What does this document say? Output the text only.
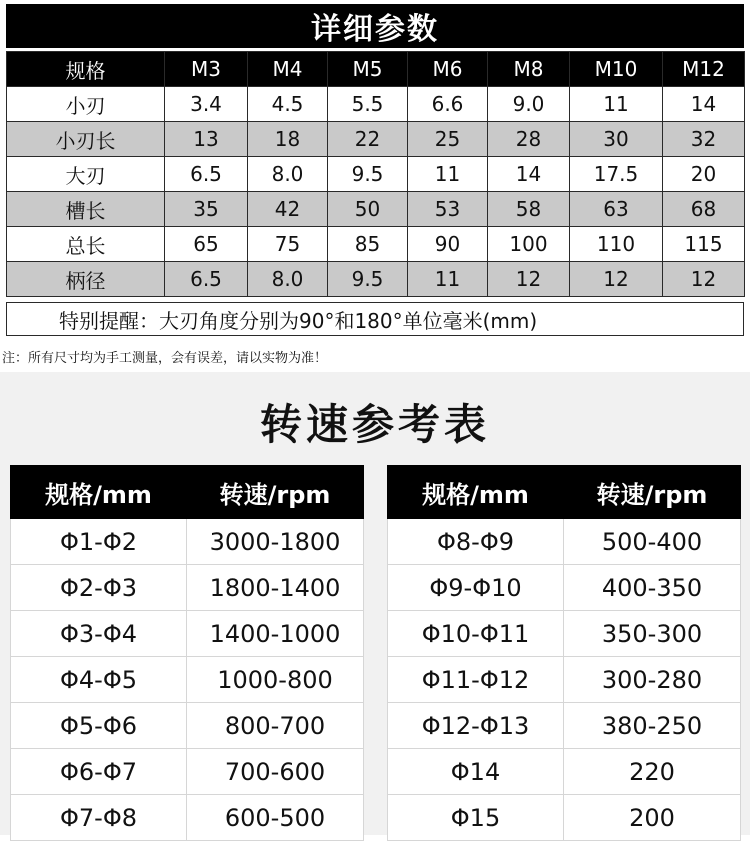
详细参数
规格	M3	M4	M5	M6	M8	M10	M12
小刃	3.4	4.5	5.5	6.6	9.0	11	14
小刃长	13	18	22	25	28	30	32
大刃	6.5	8.0	9.5	11	14	17.5	20
槽长	35	42	50	53	58	63	68
总长	65	75	85	90	100	110	115
柄径	6.5	8.0	9.5	11	12	12	12
特别提醒：大刃角度分别为90°和180°单位毫米(mm)
注：所有尺寸均为手工测量，会有误差，请以实物为准！
转速参考表
规格/mm	转速/rpm
Φ1-Φ2	3000-1800
Φ2-Φ3	1800-1400
Φ3-Φ4	1400-1000
Φ4-Φ5	1000-800
Φ5-Φ6	800-700
Φ6-Φ7	700-600
Φ7-Φ8	600-500
规格/mm	转速/rpm
Φ8-Φ9	500-400
Φ9-Φ10	400-350
Φ10-Φ11	350-300
Φ11-Φ12	300-280
Φ12-Φ13	380-250
Φ14	220
Φ15	200
